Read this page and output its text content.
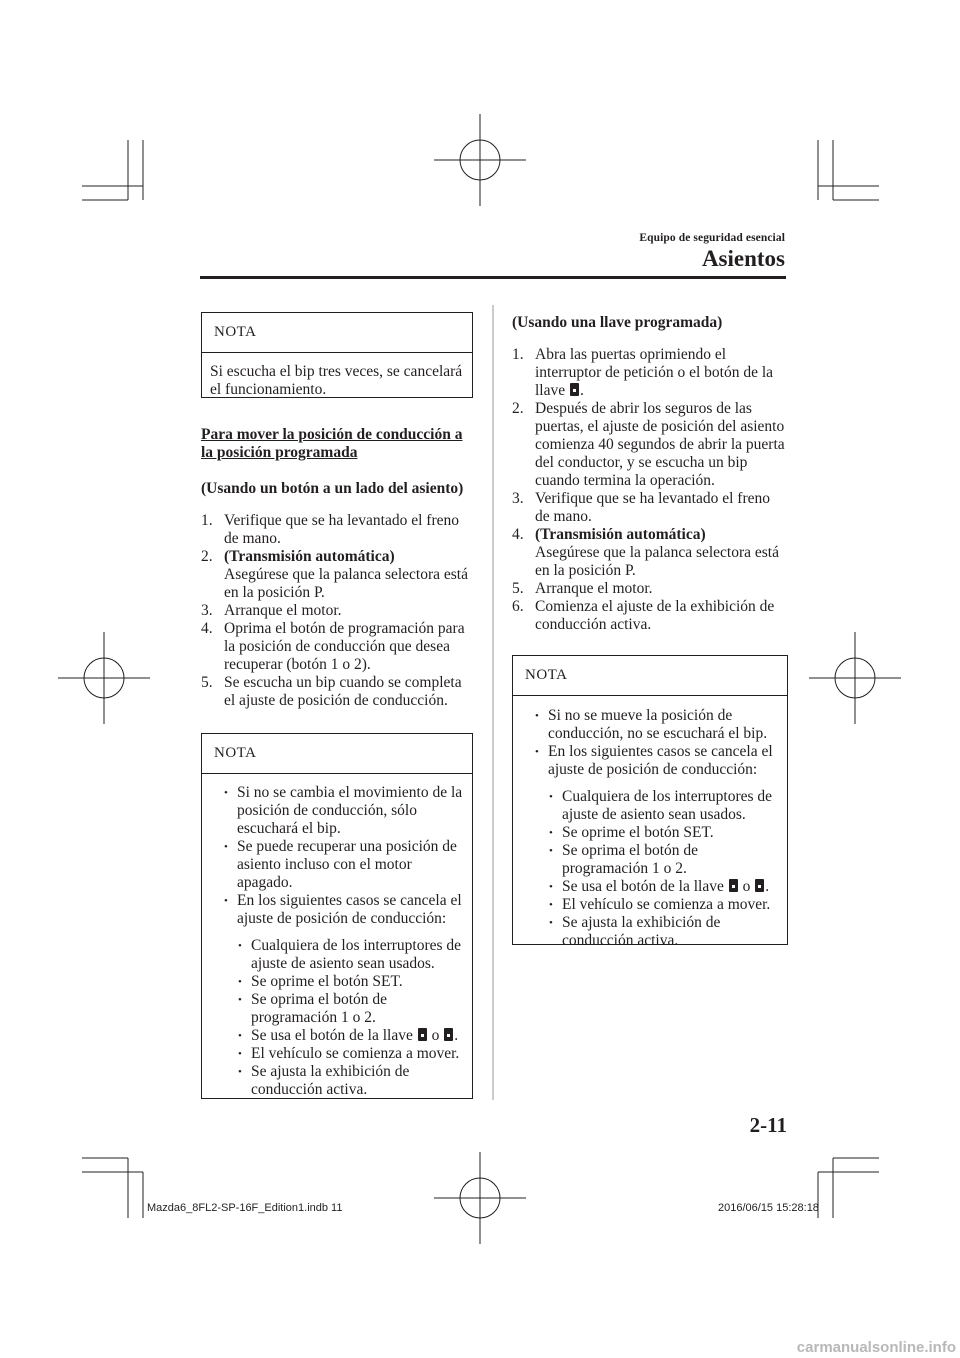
Equipo de seguridad esencial
Asientos
NOTA

Si escucha el bip tres veces, se cancelará el funcionamiento.

Para mover la posición de conducción a la posición programada
(Usando un botón a un lado del asiento)
1. Verifique que se ha levantado el freno de mano.
2. (Transmisión automática)
Asegúrese que la palanca selectora está en la posición P.
3. Arranque el motor.
4. Oprima el botón de programación para la posición de conducción que desea recuperar (botón 1 o 2).
5. Se escucha un bip cuando se completa el ajuste de posición de conducción.
NOTA
• Si no se cambia el movimiento de la posición de conducción, sólo escuchará el bip.
• Se puede recuperar una posición de asiento incluso con el motor apagado.
• En los siguientes casos se cancela el ajuste de posición de conducción:
• Cualquiera de los interruptores de ajuste de asiento sean usados.
• Se oprime el botón SET.
• Se oprima el botón de programación 1 o 2.
• Se usa el botón de la llave o .
• El vehículo se comienza a mover.
• Se ajusta la exhibición de conducción activa.
(Usando una llave programada)
1. Abra las puertas oprimiendo el interruptor de petición o el botón de la llave .
2. Después de abrir los seguros de las puertas, el ajuste de posición del asiento comienza 40 segundos de abrir la puerta del conductor, y se escucha un bip cuando termina la operación.
3. Verifique que se ha levantado el freno de mano.
4. (Transmisión automática)
Asegúrese que la palanca selectora está en la posición P.
5. Arranque el motor.
6. Comienza el ajuste de la exhibición de conducción activa.
NOTA
• Si no se mueve la posición de conducción, no se escuchará el bip.
• En los siguientes casos se cancela el ajuste de posición de conducción:
• Cualquiera de los interruptores de ajuste de asiento sean usados.
• Se oprime el botón SET.
• Se oprima el botón de programación 1 o 2.
• Se usa el botón de la llave o .
• El vehículo se comienza a mover.
• Se ajusta la exhibición de conducción activa.
2-11
Mazda6_8FL2-SP-16F_Edition1.indb 11	2016/06/15 15:28:18
carmanualsonline.info
